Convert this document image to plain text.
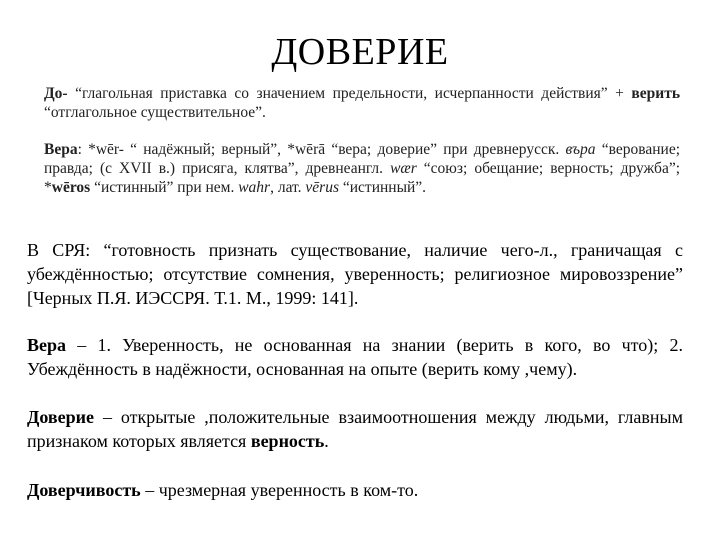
ДОВЕРИЕ

До- “глагольная приставка со значением предельности, исчерпанности действия” + верить “отглагольное существительное”.

Вера: *wēr- “ надёжный; верный”, *wērā “вера; доверие” при древнерусск. въра “верование; правда; (с XVII в.) присяга, клятва”, древнеангл. wær “союз; обещание; верность; дружба”; *wēros “истинный” при нем. wahr, лат. vērus “истинный”.

В СРЯ: “готовность признать существование, наличие чего-л., граничащая с убеждённостью; отсутствие сомнения, уверенность; религиозное мировоззрение” [Черных П.Я. ИЭССРЯ. Т.1. М., 1999: 141].
Вера – 1. Уверенность, не основанная на знании (верить в кого, во что); 2. Убеждённость в надёжности, основанная на опыте (верить кому ,чему).
Доверие – открытые ,положительные взаимоотношения между людьми, главным признаком которых является верность.
Доверчивость – чрезмерная уверенность в ком-то.
